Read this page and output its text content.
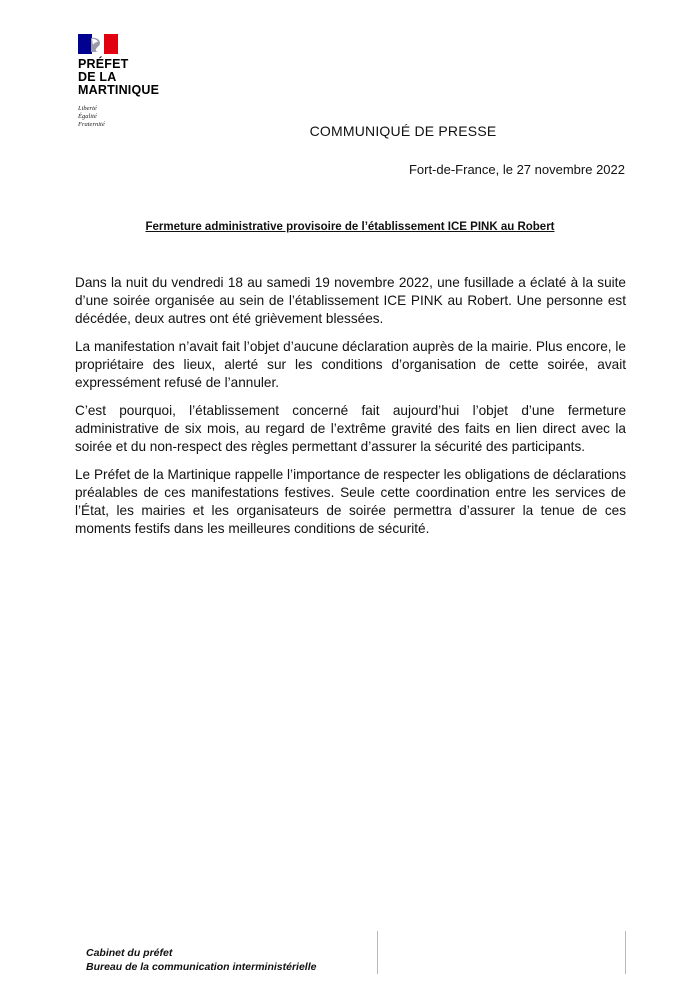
PRÉFET
DE LA
MARTINIQUE
Liberté
Égalité
Fraternité	COMMUNIQUÉ DE PRESSE
Fort-de-France, le 27 novembre 2022
Fermeture administrative provisoire de l’établissement ICE PINK au Robert

Dans la nuit du vendredi 18 au samedi 19 novembre 2022, une fusillade a éclaté à la suite d’une soirée organisée au sein de l’établissement ICE PINK au Robert. Une personne est décédée, deux autres ont été grièvement blessées.

La manifestation n’avait fait l’objet d’aucune déclaration auprès de la mairie. Plus encore, le propriétaire des lieux, alerté sur les conditions d’organisation de cette soirée, avait expressément refusé de l’annuler.

C’est pourquoi, l’établissement concerné fait aujourd’hui l’objet d’une fermeture administrative de six mois, au regard de l’extrême gravité des faits en lien direct avec la soirée et du non-respect des règles permettant d’assurer la sécurité des participants.

Le Préfet de la Martinique rappelle l’importance de respecter les obligations de déclarations préalables de ces manifestations festives. Seule cette coordination entre les services de l’État, les mairies et les organisateurs de soirée permettra d’assurer la tenue de ces moments festifs dans les meilleures conditions de sécurité.

Cabinet du préfet
Bureau de la communication interministérielle
